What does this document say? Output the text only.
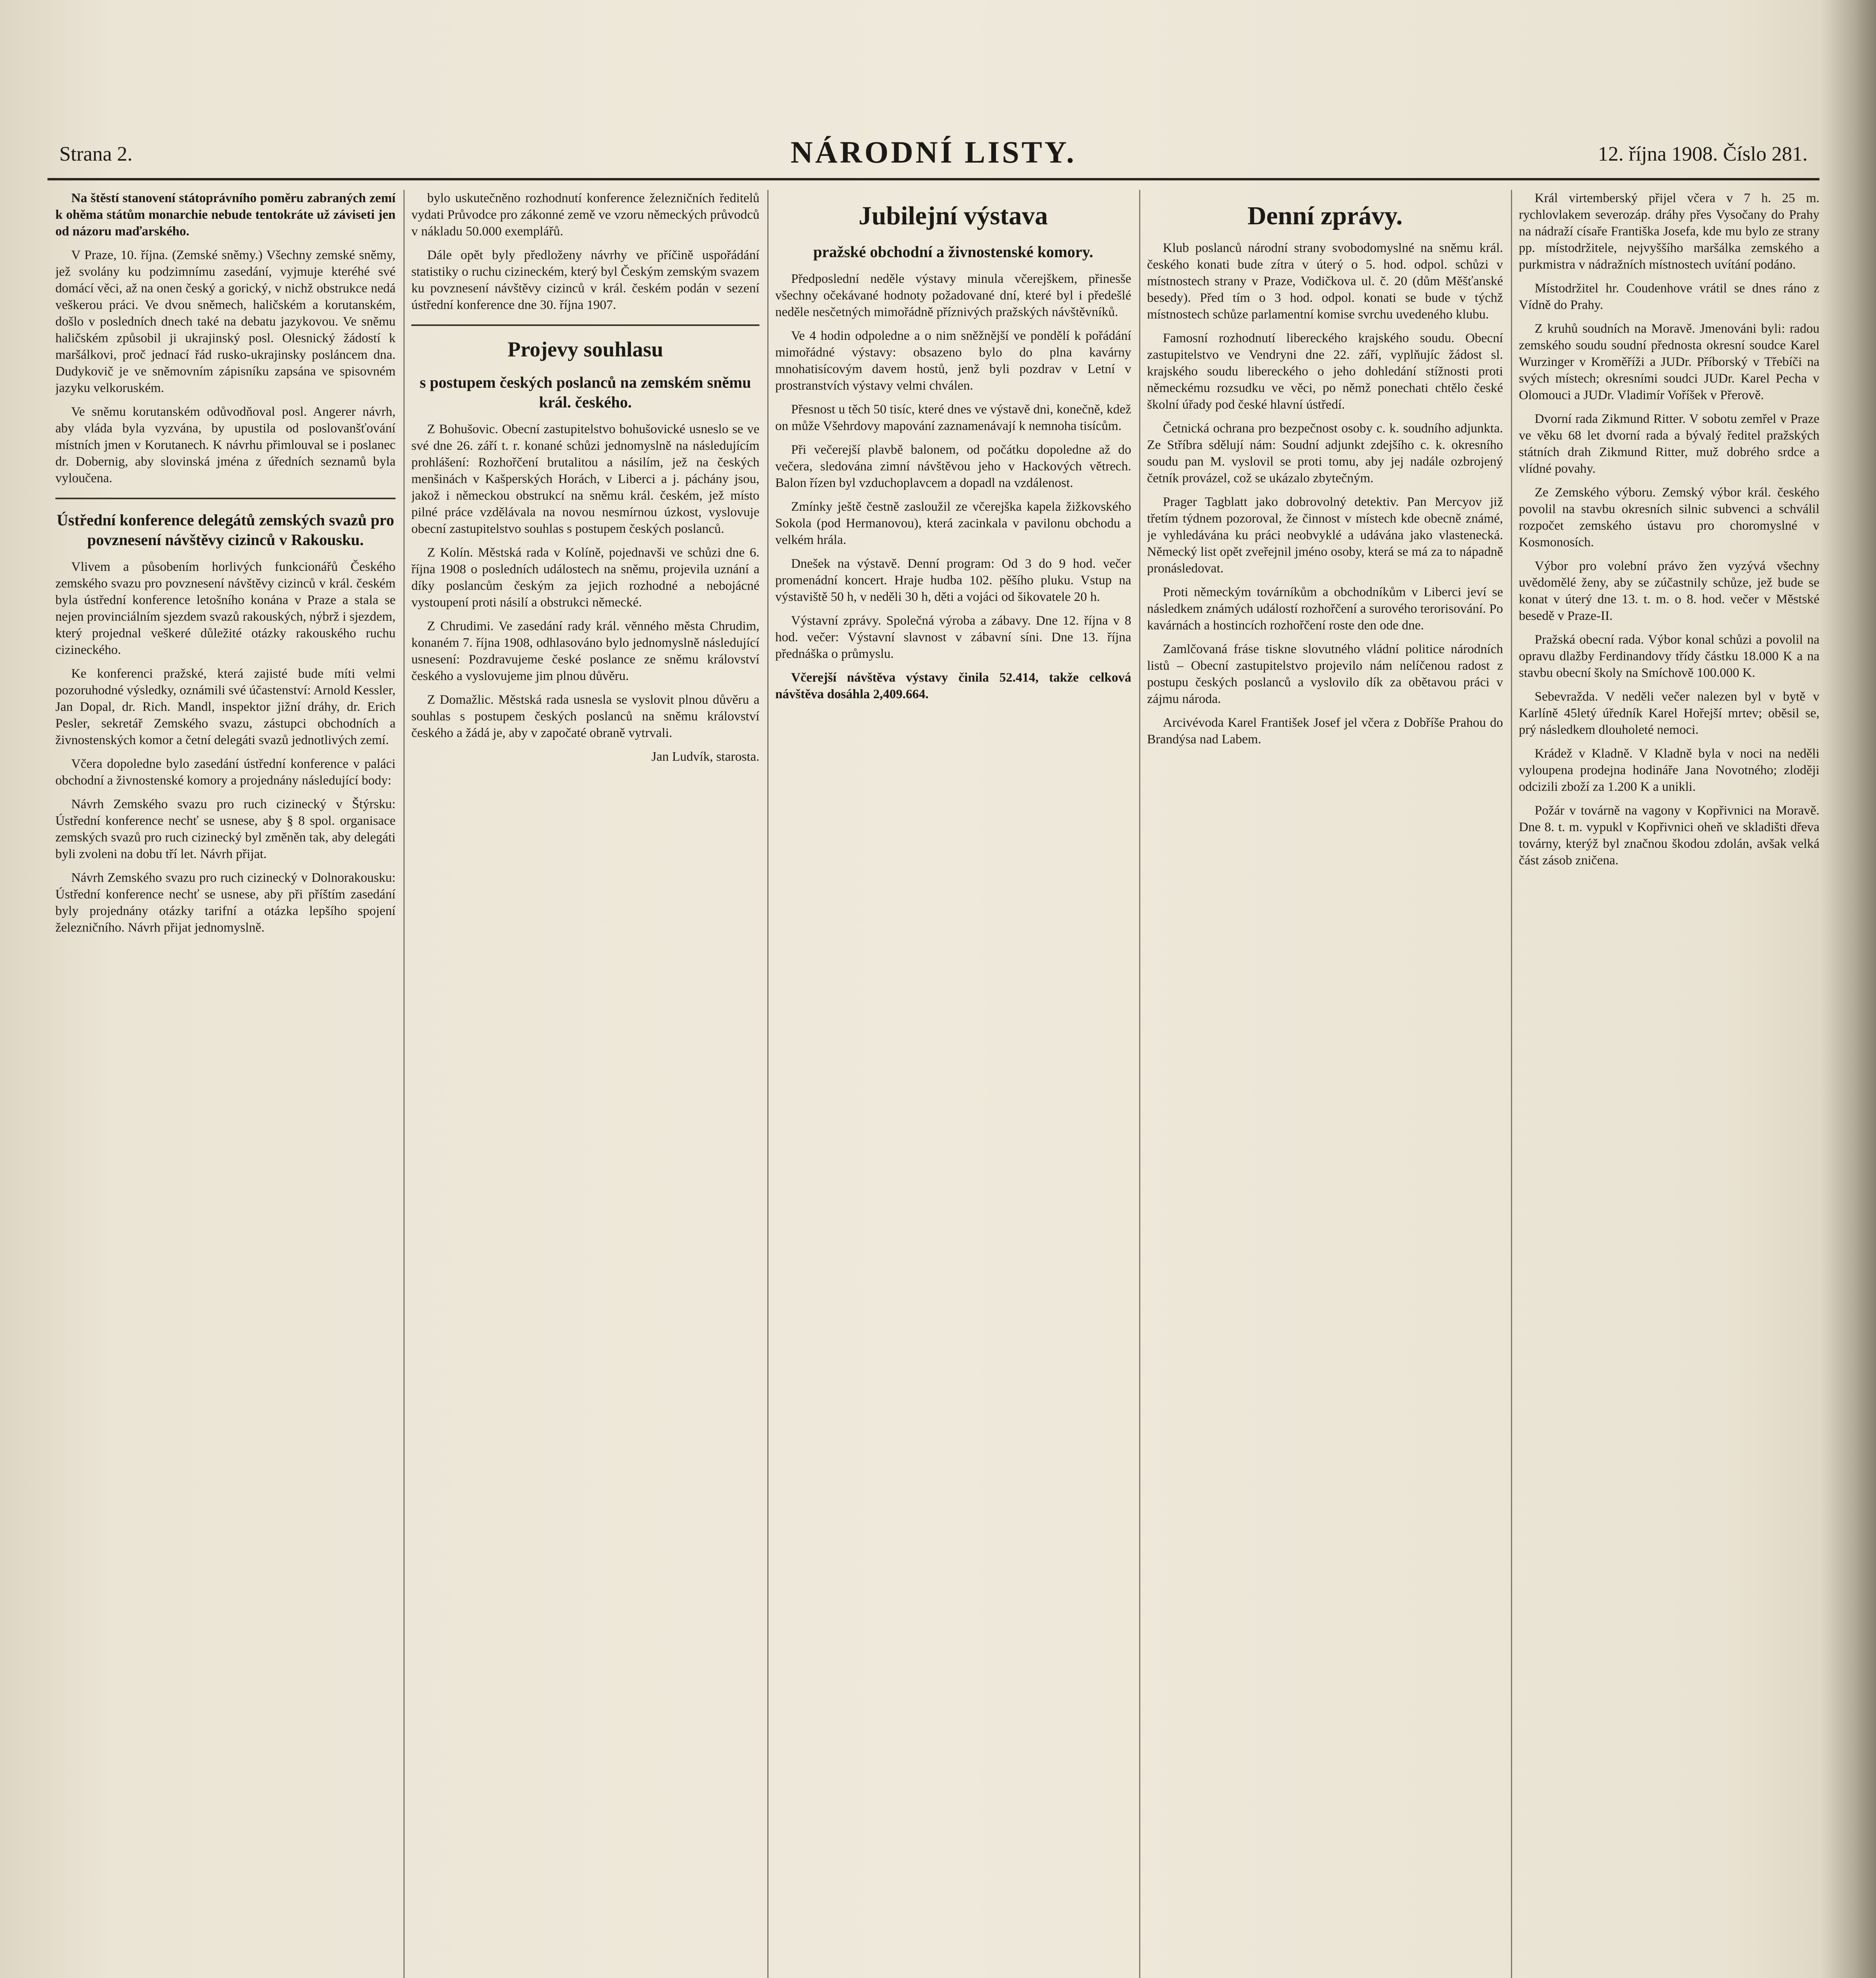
Strana 2.	NÁRODNÍ LISTY.	12. října 1908. Číslo 281.

Na štěstí stanovení státoprávního poměru zabraných zemí k ohěma státům monarchie nebude tentokráte už záviseti jen od názoru maďarského.

V Praze, 10. října. (Zemské sněmy.) Všechny zemské sněmy, jež svolány ku podzimnímu zasedání, vyjmuje kteréhé své domácí věci, až na onen český a gorický, v nichž obstrukce nedá veškerou práci. Ve dvou sněmech, haličském a korutanském, došlo v posledních dnech také na debatu jazykovou. Ve sněmu haličském způsobil ji ukrajinský posl. Olesnický žádostí k maršálkovi, proč jednací řád rusko-ukrajinsky posláncem dna. Dudykovič je ve sněmovním zápisníku zapsána ve spisovném jazyku velkoruském.

Ve sněmu korutanském odůvodňoval posl. Angerer návrh, aby vláda byla vyzvána, by upustila od poslovanšťování místních jmen v Korutanech. K návrhu přimlouval se i poslanec dr. Dobernig, aby slovinská jména z úředních seznamů byla vyloučena.

Ústřední konference delegátů zemských svazů pro povznesení návštěvy cizinců v Rakousku.

Vlivem a působením horlivých funkcionářů Českého zemského svazu pro povznesení návštěvy cizinců v král. českém byla ústřední konference letošního konána v Praze a stala se nejen provinciálním sjezdem svazů rakouských, nýbrž i sjezdem, který projednal veškeré důležité otázky rakouského ruchu cizineckého.

Ke konferenci pražské, která zajisté bude míti velmi pozoruhodné výsledky, oznámili své účastenství: Arnold Kessler, Jan Dopal, dr. Rich. Mandl, inspektor jižní dráhy, dr. Erich Pesler, sekretář Zemského svazu, zástupci obchodních a živnostenských komor a četní delegáti svazů jednotlivých zemí.

Včera dopoledne bylo zasedání ústřední konference v paláci obchodní a živnostenské komory a projednány následující body:

Návrh Zemského svazu pro ruch cizinecký v Štýrsku: Ústřední konference nechť se usnese, aby § 8 spol. organisace zemských svazů pro ruch cizinecký byl změněn tak, aby delegáti byli zvoleni na dobu tří let. Návrh přijat.

Návrh Zemského svazu pro ruch cizinecký v Dolnorakousku: Ústřední konference nechť se usnese, aby při příštím zasedání byly projednány otázky tarifní a otázka lepšího spojení železničního. Návrh přijat jednomyslně.

bylo uskutečněno rozhodnutí konference železničních ředitelů vydati Průvodce pro zákonné země ve vzoru německých průvodců v nákladu 50.000 exemplářů.

Dále opět byly předloženy návrhy ve příčině uspořádání statistiky o ruchu cizineckém, který byl Českým zemským svazem ku povznesení návštěvy cizinců v král. českém podán v sezení ústřední konference dne 30. října 1907.

Projevy souhlasu
s postupem českých poslanců na zemském sněmu král. českého.

Z Bohušovic. Obecní zastupitelstvo bohušovické usneslo se ve své dne 26. září t. r. konané schůzi jednomyslně na následujícím prohlášení: Rozhořčení brutalitou a násilím, jež na českých menšinách v Kašperských Horách, v Liberci a j. páchány jsou, jakož i německou obstrukcí na sněmu král. českém, jež místo pilné práce vzdělávala na novou nesmírnou úzkost, vyslovuje obecní zastupitelstvo souhlas s postupem českých poslanců.

Z Kolín. Městská rada v Kolíně, pojednavši ve schůzi dne 6. října 1908 o posledních událostech na sněmu, projevila uznání a díky poslancům českým za jejich rozhodné a nebojácné vystoupení proti násilí a obstrukci německé.

Z Chrudimi. Ve zasedání rady král. věnného města Chrudim, konaném 7. října 1908, odhlasováno bylo jednomyslně následující usnesení: Pozdravujeme české poslance ze sněmu království českého a vyslovujeme jim plnou důvěru.

Z Domažlic. Městská rada usnesla se vyslovit plnou důvěru a souhlas s postupem českých poslanců na sněmu království českého a žádá je, aby v započaté obraně vytrvali.

Jan Ludvík, starosta.

Jubilejní výstava
pražské obchodní a živnostenské komory.

Předposlední neděle výstavy minula včerejškem, přinesše všechny očekávané hodnoty požadované dní, které byl i předešlé neděle nesčetných mimořádně příznivých pražských návštěvníků.

Ve 4 hodin odpoledne a o nim sněžnější ve pondělí k pořádání mimořádné výstavy: obsazeno bylo do plna kavárny mnohatisícovým davem hostů, jenž byli pozdrav v Letní v prostranstvích výstavy velmi chválen.

Přesnost u těch 50 tisíc, které dnes ve výstavě dni, konečně, kdež on může Všehrdovy mapování zaznamenávají k nemnoha tisícům.

Při večerejší plavbě balonem, od počátku dopoledne až do večera, sledována zimní návštěvou jeho v Hackových větrech. Balon řízen byl vzduchoplavcem a dopadl na vzdálenost.

Zmínky ještě čestně zasloužil ze včerejška kapela žižkovského Sokola (pod Hermanovou), která zacinkala v pavilonu obchodu a velkém hrála.

Dnešek na výstavě. Denní program: Od 3 do 9 hod. večer promenádní koncert. Hraje hudba 102. pěšího pluku. Vstup na výstaviště 50 h, v neděli 30 h, děti a vojáci od šikovatele 20 h.

Výstavní zprávy. Společná výroba a zábavy. Dne 12. října v 8 hod. večer: Výstavní slavnost v zábavní síni. Dne 13. října přednáška o průmyslu.

Včerejší návštěva výstavy činila 52.414, takže celková návštěva dosáhla 2,409.664.

Denní zprávy.

Klub poslanců národní strany svobodomyslné na sněmu král. českého konati bude zítra v úterý o 5. hod. odpol. schůzi v místnostech strany v Praze, Vodičkova ul. č. 20 (dům Měšťanské besedy). Před tím o 3 hod. odpol. konati se bude v týchž místnostech schůze parlamentní komise svrchu uvedeného klubu.

Famosní rozhodnutí libereckého krajského soudu. Obecní zastupitelstvo ve Vendryni dne 22. září, vyplňujíc žádost sl. krajského soudu libereckého o jeho dohledání stížnosti proti německému rozsudku ve věci, po němž ponechati chtělo české školní úřady pod české hlavní ústředí.

Četnická ochrana pro bezpečnost osoby c. k. soudního adjunkta. Ze Stříbra sdělují nám: Soudní adjunkt zdejšího c. k. okresního soudu pan M. vyslovil se proti tomu, aby jej nadále ozbrojený četník provázel, což se ukázalo zbytečným.

Prager Tagblatt jako dobrovolný detektiv. Pan Mercyov již třetím týdnem pozoroval, že činnost v místech kde obecně známé, je vyhledávána ku práci neobvyklé a udávána jako vlastenecká. Německý list opět zveřejnil jméno osoby, která se má za to nápadně pronásledovat.

Proti německým továrníkům a obchodníkům v Liberci jeví se následkem známých událostí rozhořčení a surového terorisování. Po kavárnách a hostincích rozhořčení roste den ode dne.

Zamlčovaná fráse tiskne slovutného vládní politice národních listů – Obecní zastupitelstvo projevilo nám nelíčenou radost z postupu českých poslanců a vyslovilo dík za obětavou práci v zájmu národa.

Arcivévoda Karel František Josef jel včera z Dobříše Prahou do Brandýsa nad Labem.

Král virtemberský přijel včera v 7 h. 25 m. rychlovlakem severozáp. dráhy přes Vysočany do Prahy na nádraží císaře Františka Josefa, kde mu bylo ze strany pp. místodržitele, nejvyššího maršálka zemského a purkmistra v nádražních místnostech uvítání podáno.

Místodržitel hr. Coudenhove vrátil se dnes ráno z Vídně do Prahy.

Z kruhů soudních na Moravě. Jmenováni byli: radou zemského soudu soudní přednosta okresní soudce Karel Wurzinger v Kroměříži a JUDr. Příborský v Třebíči na svých místech; okresními soudci JUDr. Karel Pecha v Olomouci a JUDr. Vladimír Voříšek v Přerově.

Dvorní rada Zikmund Ritter. V sobotu zemřel v Praze ve věku 68 let dvorní rada a bývalý ředitel pražských státních drah Zikmund Ritter, muž dobrého srdce a vlídné povahy.

Ze Zemského výboru. Zemský výbor král. českého povolil na stavbu okresních silnic subvenci a schválil rozpočet zemského ústavu pro choromyslné v Kosmonosích.

Výbor pro volební právo žen vyzývá všechny uvědomělé ženy, aby se zúčastnily schůze, jež bude se konat v úterý dne 13. t. m. o 8. hod. večer v Městské besedě v Praze-II.

Pražská obecní rada. Výbor konal schůzi a povolil na opravu dlažby Ferdinandovy třídy částku 18.000 K a na stavbu obecní školy na Smíchově 100.000 K.

Sebevražda. V neděli večer nalezen byl v bytě v Karlíně 45letý úředník Karel Hořejší mrtev; oběsil se, prý následkem dlouholeté nemoci.

Krádež v Kladně. V Kladně byla v noci na neděli vyloupena prodejna hodináře Jana Novotného; zloději odcizili zboží za 1.200 K a unikli.

Požár v továrně na vagony v Kopřivnici na Moravě. Dne 8. t. m. vypukl v Kopřivnici oheň ve skladišti dřeva továrny, kterýž byl značnou škodou zdolán, avšak velká část zásob zničena.
